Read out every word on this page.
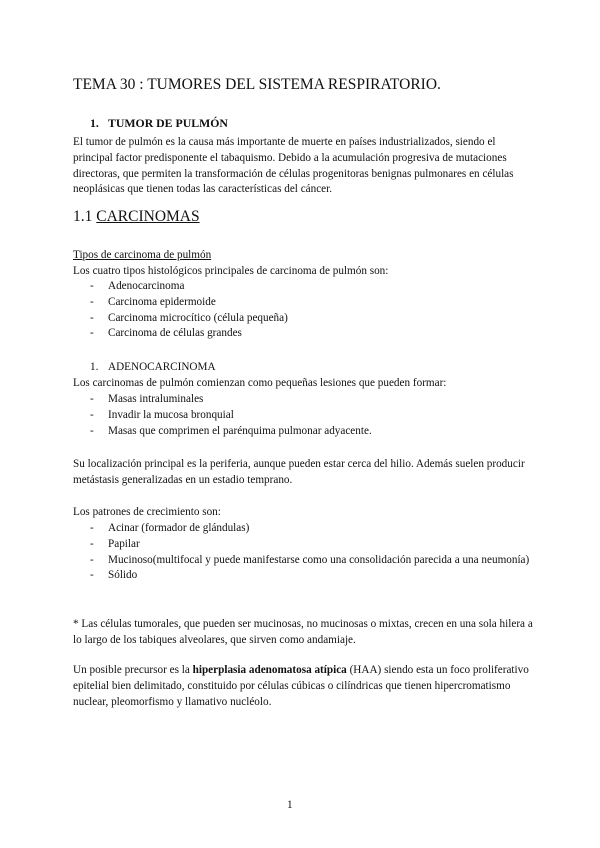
TEMA 30 : TUMORES DEL SISTEMA RESPIRATORIO.
1. TUMOR DE PULMÓN
El tumor de pulmón es la causa más importante de muerte en países industrializados, siendo el principal factor predisponente el tabaquismo. Debido a la acumulación progresiva de mutaciones directoras, que permiten la transformación de células progenitoras benignas pulmonares en células neoplásicas que tienen todas las características del cáncer.
1.1 CARCINOMAS
Tipos de carcinoma de pulmón
Los cuatro tipos histológicos principales de carcinoma de pulmón son:
- Adenocarcinoma
- Carcinoma epidermoide
- Carcinoma microcítico (célula pequeña)
- Carcinoma de células grandes
1. ADENOCARCINOMA
Los carcinomas de pulmón comienzan como pequeñas lesiones que pueden formar:
- Masas intraluminales
- Invadir la mucosa bronquial
- Masas que comprimen el parénquima pulmonar adyacente.
Su localización principal es la periferia, aunque pueden estar cerca del hilio. Además suelen producir metástasis generalizadas en un estadio temprano.
Los patrones de crecimiento son:
- Acinar (formador de glándulas)
- Papilar
- Mucinoso(multifocal y puede manifestarse como una consolidación parecida a una neumonía)
- Sólido
* Las células tumorales, que pueden ser mucinosas, no mucinosas o mixtas, crecen en una sola hilera a lo largo de los tabiques alveolares, que sirven como andamiaje.
Un posible precursor es la hiperplasia adenomatosa atípica (HAA) siendo esta un foco proliferativo epitelial bien delimitado, constituido por células cúbicas o cilíndricas que tienen hipercromatismo nuclear, pleomorfismo y llamativo nucléolo.
1
